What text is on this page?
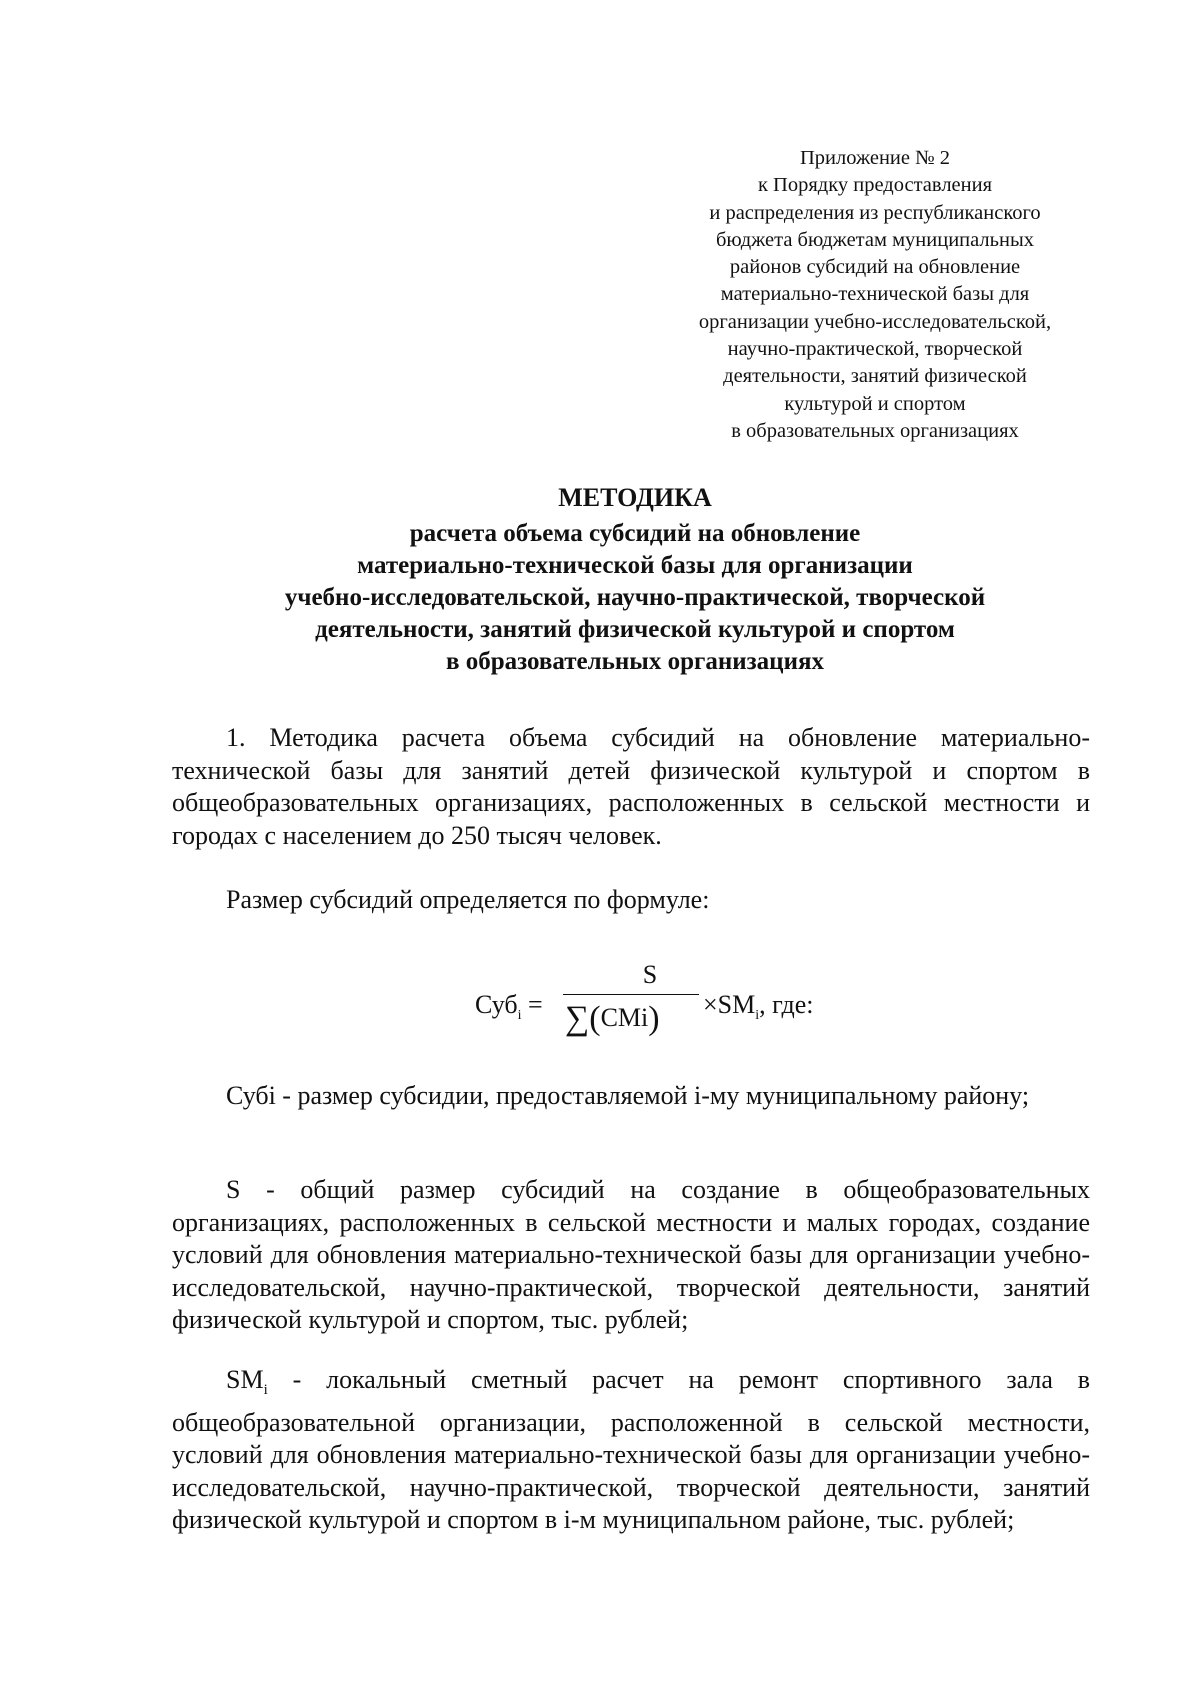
Приложение № 2
к Порядку предоставления
и распределения из республиканского
бюджета бюджетам муниципальных
районов субсидий на обновление
материально-технической базы для
организации учебно-исследовательской,
научно-практической, творческой
деятельности, занятий физической
культурой и спортом
в образовательных организациях
МЕТОДИКА
расчета объема субсидий на обновление
материально-технической базы для организации
учебно-исследовательской, научно-практической, творческой
деятельности, занятий физической культурой и спортом
в образовательных организациях

1. Методика расчета объема субсидий на обновление материально-технической базы для занятий детей физической культурой и спортом в общеобразовательных организациях, расположенных в сельской местности и городах с населением до 250 тысяч человек.

Размер субсидий определяется по формуле:

Суб$_i$ =
S
$\sum(CMi) \times SM_i$, где:

Субі - размер субсидии, предоставляемой і-му муниципальному району;

S - общий размер субсидий на создание в общеобразовательных организациях, расположенных в сельской местности и малых городах, создание условий для обновления материально-технической базы для организации учебно-исследовательской, научно-практической, творческой деятельности, занятий физической культурой и спортом, тыс. рублей;

$SM_i$ - локальный сметный расчет на ремонт спортивного зала в общеобразовательной организации, расположенной в сельской местности, условий для обновления материально-технической базы для организации учебно-исследовательской, научно-практической, творческой деятельности, занятий физической культурой и спортом в і-м муниципальном районе, тыс. рублей;
